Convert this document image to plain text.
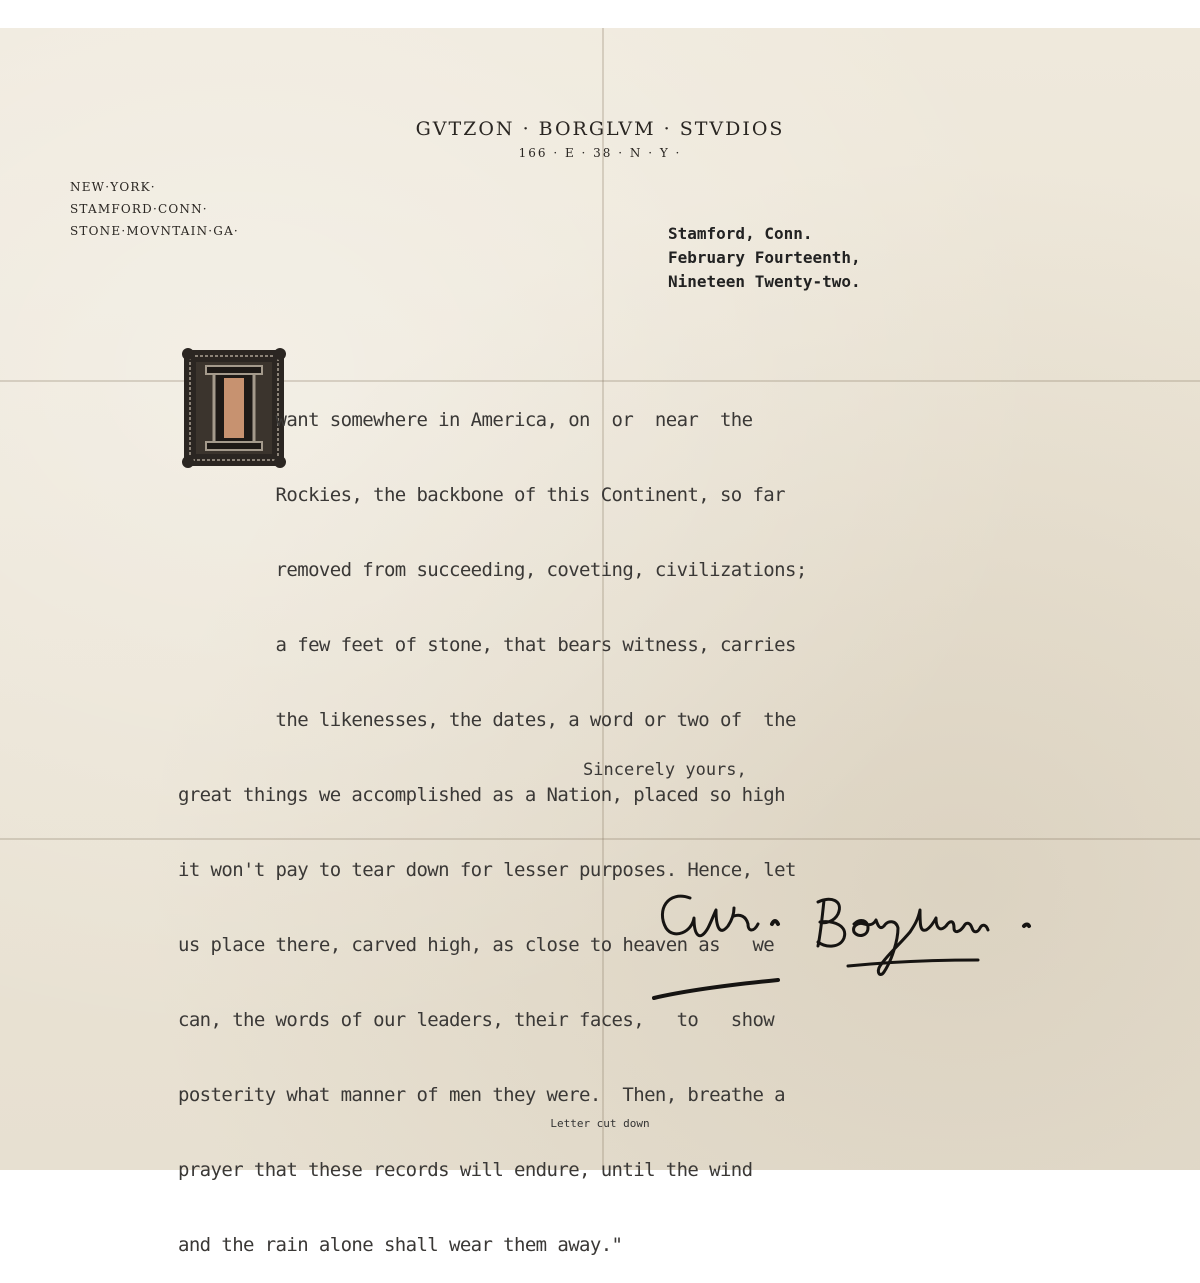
GVTZON · BORGLVM · STVDIOS
166 · E · 38 · N · Y ·
NEW·YORK·
STAMFORD·CONN·
STONE·MOVNTAIN·GA·	Stamford, Conn.
February Fourteenth,
Nineteen Twenty-two.

want somewhere in America, on  or  near  the

Rockies, the backbone of this Continent, so far

removed from succeeding, coveting, civilizations;

a few feet of stone, that bears witness, carries

the likenesses, the dates, a word or two of  the

great things we accomplished as a Nation, placed so high

it won't pay to tear down for lesser purposes. Hence, let

us place there, carved high, as close to heaven as   we

can, the words of our leaders, their faces,   to   show

posterity what manner of men they were.  Then, breathe a

prayer that these records will endure, until the wind

and the rain alone shall wear them away."

Sincerely yours,
Letter cut down
